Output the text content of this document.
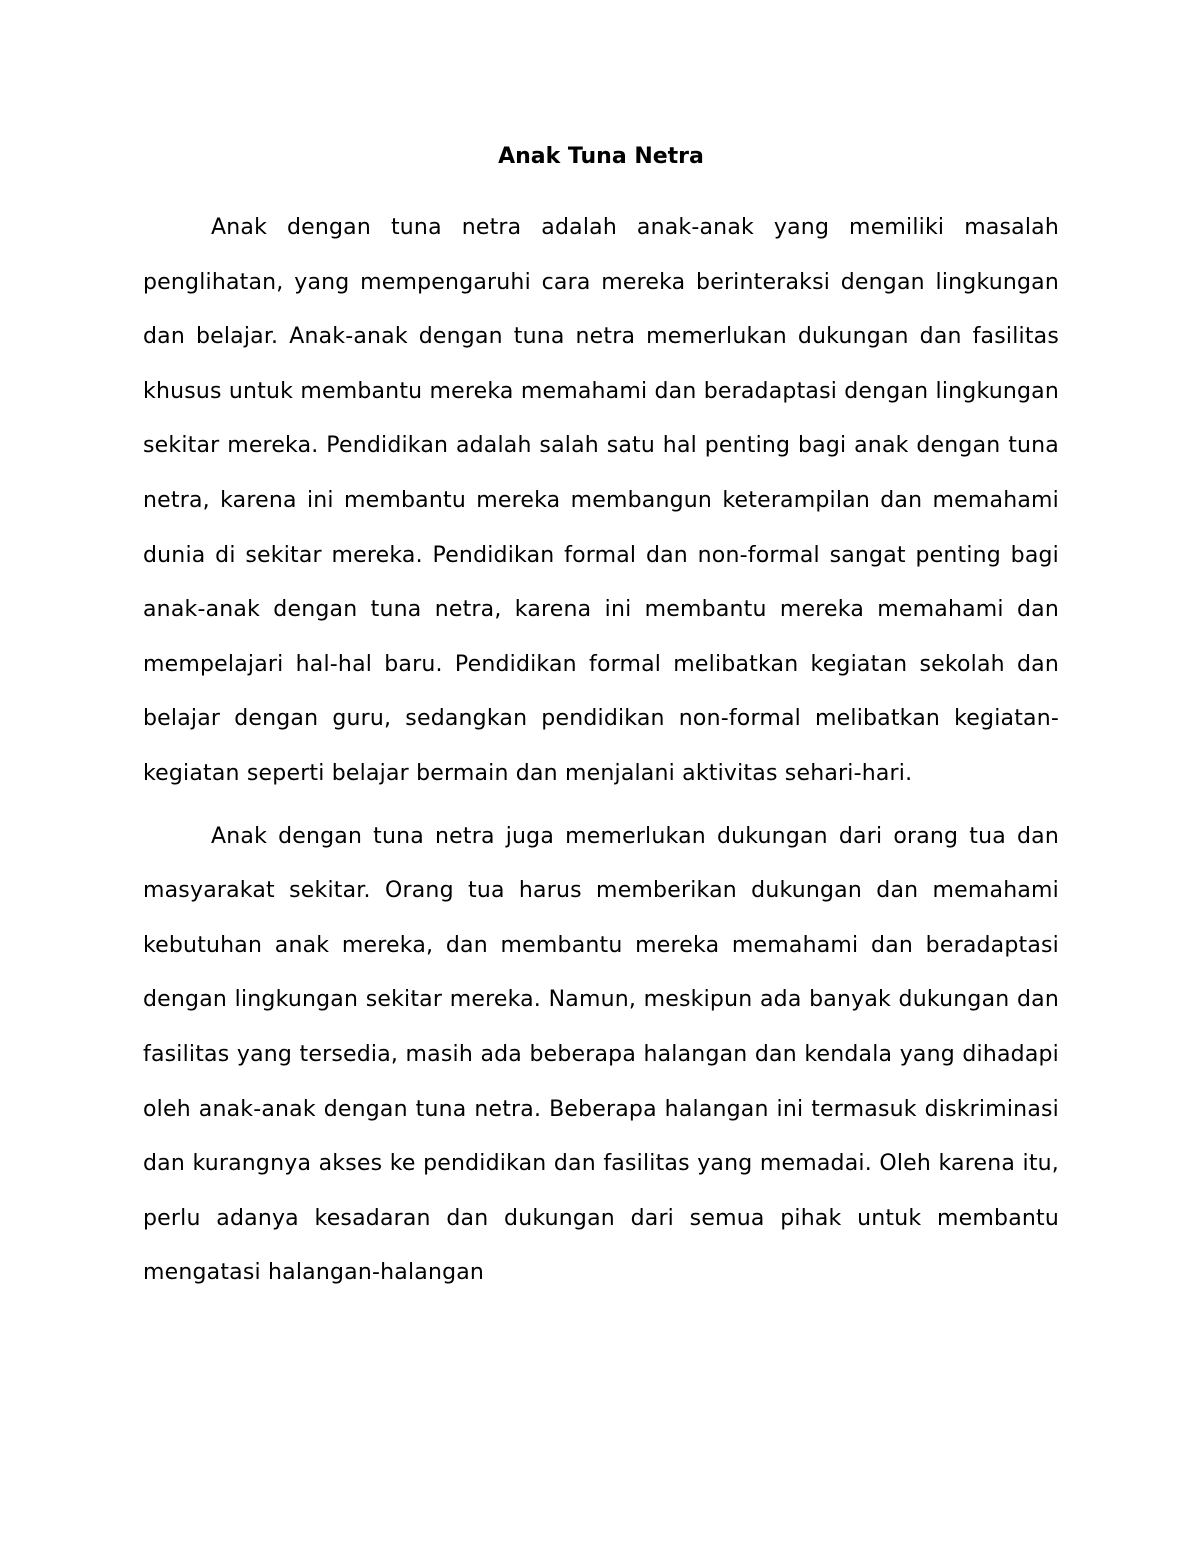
Anak Tuna Netra

Anak dengan tuna netra adalah anak-anak yang memiliki masalah penglihatan, yang mempengaruhi cara mereka berinteraksi dengan lingkungan dan belajar. Anak-anak dengan tuna netra memerlukan dukungan dan fasilitas khusus untuk membantu mereka memahami dan beradaptasi dengan lingkungan sekitar mereka. Pendidikan adalah salah satu hal penting bagi anak dengan tuna netra, karena ini membantu mereka membangun keterampilan dan memahami dunia di sekitar mereka. Pendidikan formal dan non-formal sangat penting bagi anak-anak dengan tuna netra, karena ini membantu mereka memahami dan mempelajari hal-hal baru. Pendidikan formal melibatkan kegiatan sekolah dan belajar dengan guru, sedangkan pendidikan non-formal melibatkan kegiatan-kegiatan seperti belajar bermain dan menjalani aktivitas sehari-hari.

Anak dengan tuna netra juga memerlukan dukungan dari orang tua dan masyarakat sekitar. Orang tua harus memberikan dukungan dan memahami kebutuhan anak mereka, dan membantu mereka memahami dan beradaptasi dengan lingkungan sekitar mereka. Namun, meskipun ada banyak dukungan dan fasilitas yang tersedia, masih ada beberapa halangan dan kendala yang dihadapi oleh anak-anak dengan tuna netra. Beberapa halangan ini termasuk diskriminasi dan kurangnya akses ke pendidikan dan fasilitas yang memadai. Oleh karena itu, perlu adanya kesadaran dan dukungan dari semua pihak untuk membantu mengatasi halangan-halangan
